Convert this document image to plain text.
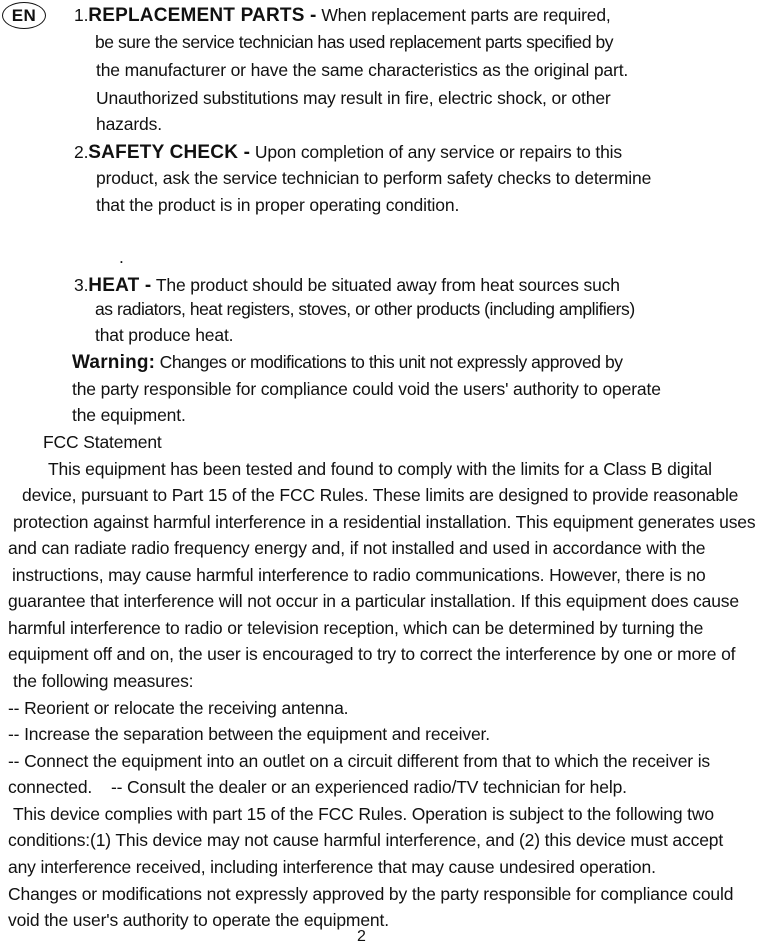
EN	1.REPLACEMENT PARTS - When replacement parts are required,
be sure the service technician has used replacement parts specified by
the manufacturer or have the same characteristics as the original part.
Unauthorized substitutions may result in fire, electric shock, or other
hazards.
2.SAFETY CHECK - Upon completion of any service or repairs to this
product, ask the service technician to perform safety checks to determine
that the product is in proper operating condition.
.
3.HEAT - The product should be situated away from heat sources such
as radiators, heat registers, stoves, or other products (including amplifiers)
that produce heat.
Warning: Changes or modifications to this unit not expressly approved by
the party responsible for compliance could void the users' authority to operate
the equipment.
FCC Statement
This equipment has been tested and found to comply with the limits for a Class B digital
device, pursuant to Part 15 of the FCC Rules. These limits are designed to provide reasonable
protection against harmful interference in a residential installation. This equipment generates uses
and can radiate radio frequency energy and, if not installed and used in accordance with the
instructions, may cause harmful interference to radio communications. However, there is no
guarantee that interference will not occur in a particular installation. If this equipment does cause
harmful interference to radio or television reception, which can be determined by turning the
equipment off and on, the user is encouraged to try to correct the interference by one or more of
the following measures:
-- Reorient or relocate the receiving antenna.
-- Increase the separation between the equipment and receiver.
-- Connect the equipment into an outlet on a circuit different from that to which the receiver is
connected.    -- Consult the dealer or an experienced radio/TV technician for help.
This device complies with part 15 of the FCC Rules. Operation is subject to the following two
conditions:(1) This device may not cause harmful interference, and (2) this device must accept
any interference received, including interference that may cause undesired operation.
Changes or modifications not expressly approved by the party responsible for compliance could
void the user's authority to operate the equipment.
2
